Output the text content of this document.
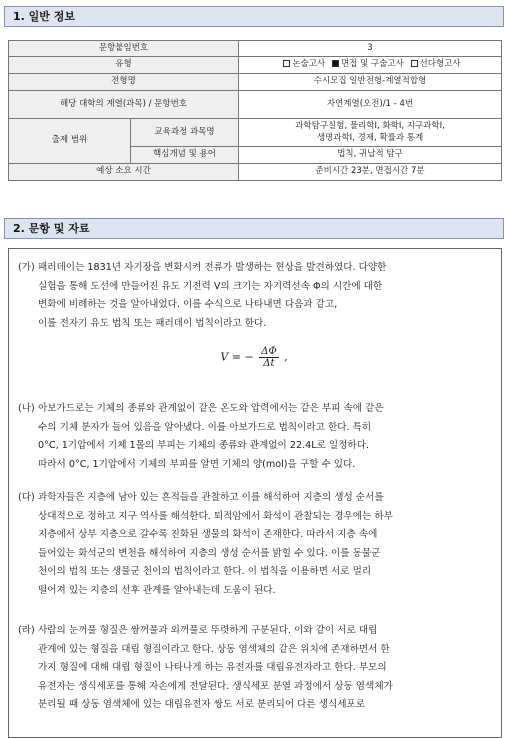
1. 일반 정보
문항붙임번호		3
유형		논술고사 면접 및 구술고사 선다형고사
전형명		수시모집 일반전형-계열적합형
해당 대학의 계열(과목) / 문항번호		자연계열(오전)/1 - 4번
출제 범위	교육과정 과목명	과학탐구실험, 물리학Ⅰ, 화학Ⅰ, 지구과학Ⅰ,
생명과학Ⅰ, 경제, 확률과 통계

	핵심개념 및 용어	법칙, 귀납적 탐구
예상 소요 시간		준비시간 23분, 면접시간 7분
2. 문항 및 자료
(가) 패러데이는 1831년 자기장을 변화시켜 전류가 발생하는 현상을 발견하였다. 다양한
실험을 통해 도선에 만들어진 유도 기전력 V의 크기는 자기력선속 Φ의 시간에 대한
변화에 비례하는 것을 알아내었다. 이를 수식으로 나타내면 다음과 같고,
이를 전자기 유도 법칙 또는 패러데이 법칙이라고 한다.
V = − $\frac{\Delta\Phi}{\Delta t}$ ,
(나) 아보가드로는 기체의 종류와 관계없이 같은 온도와 압력에서는 같은 부피 속에 같은
수의 기체 분자가 들어 있음을 알아냈다. 이를 아보가드로 법칙이라고 한다. 특히
0°C, 1기압에서 기체 1몰의 부피는 기체의 종류와 관계없이 22.4L로 일정하다.
따라서 0°C, 1기압에서 기체의 부피를 알면 기체의 양(mol)을 구할 수 있다.
(다) 과학자들은 지층에 남아 있는 흔적들을 관찰하고 이를 해석하여 지층의 생성 순서를
상대적으로 정하고 지구 역사를 해석한다. 퇴적암에서 화석이 관찰되는 경우에는 하부
지층에서 상부 지층으로 갈수록 진화된 생물의 화석이 존재한다. 따라서 지층 속에
들어있는 화석군의 변천을 해석하여 지층의 생성 순서를 밝힐 수 있다. 이를 동물군
천이의 법칙 또는 생물군 천이의 법칙이라고 한다. 이 법칙을 이용하면 서로 멀리
떨어져 있는 지층의 선후 관계를 알아내는데 도움이 된다.
(라) 사람의 눈꺼풀 형질은 쌍꺼풀과 외꺼풀로 뚜렷하게 구분된다. 이와 같이 서로 대립
관계에 있는 형질을 대립 형질이라고 한다. 상동 염색체의 같은 위치에 존재하면서 한
가지 형질에 대해 대립 형질이 나타나게 하는 유전자를 대립유전자라고 한다. 부모의
유전자는 생식세포를 통해 자손에게 전달된다. 생식세포 분열 과정에서 상동 염색체가
분리될 때 상동 염색체에 있는 대립유전자 쌍도 서로 분리되어 다른 생식세포로
